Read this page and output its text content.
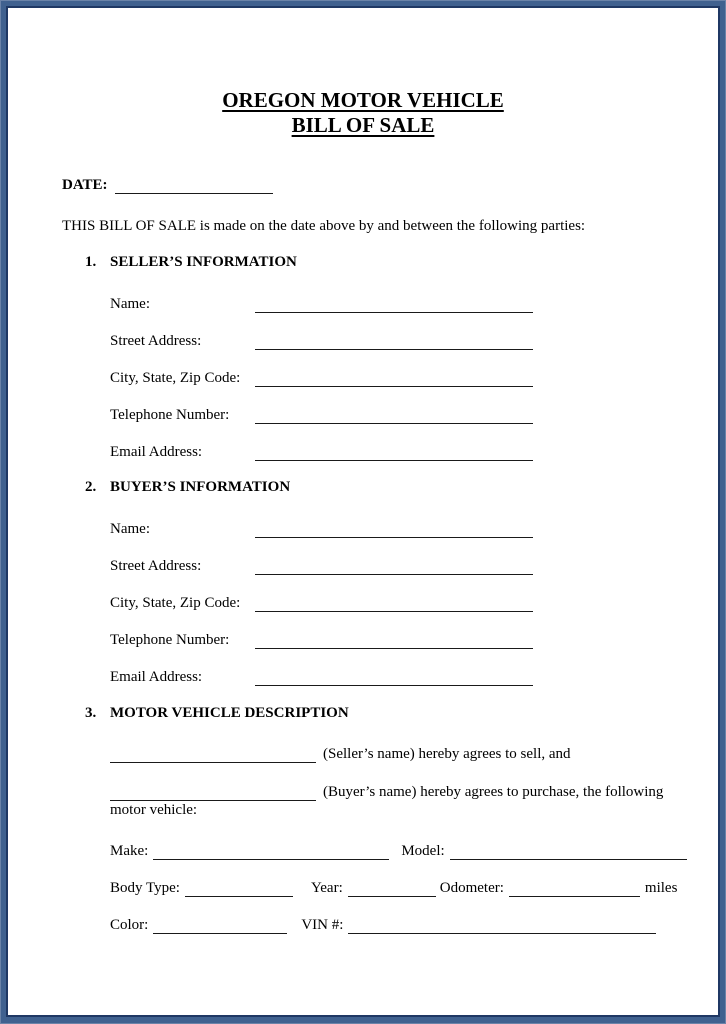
OREGON MOTOR VEHICLE
BILL OF SALE
DATE:
THIS BILL OF SALE is made on the date above by and between the following parties:
1. SELLER’S INFORMATION
Name:
Street Address:
City, State, Zip Code:
Telephone Number:
Email Address:
2. BUYER’S INFORMATION
Name:
Street Address:
City, State, Zip Code:
Telephone Number:
Email Address:
3. MOTOR VEHICLE DESCRIPTION
(Seller’s name) hereby agrees to sell, and
(Buyer’s name) hereby agrees to purchase, the following
motor vehicle:
Make:	Model:
Body Type:	Year:	Odometer:	miles
Color:	VIN #:
